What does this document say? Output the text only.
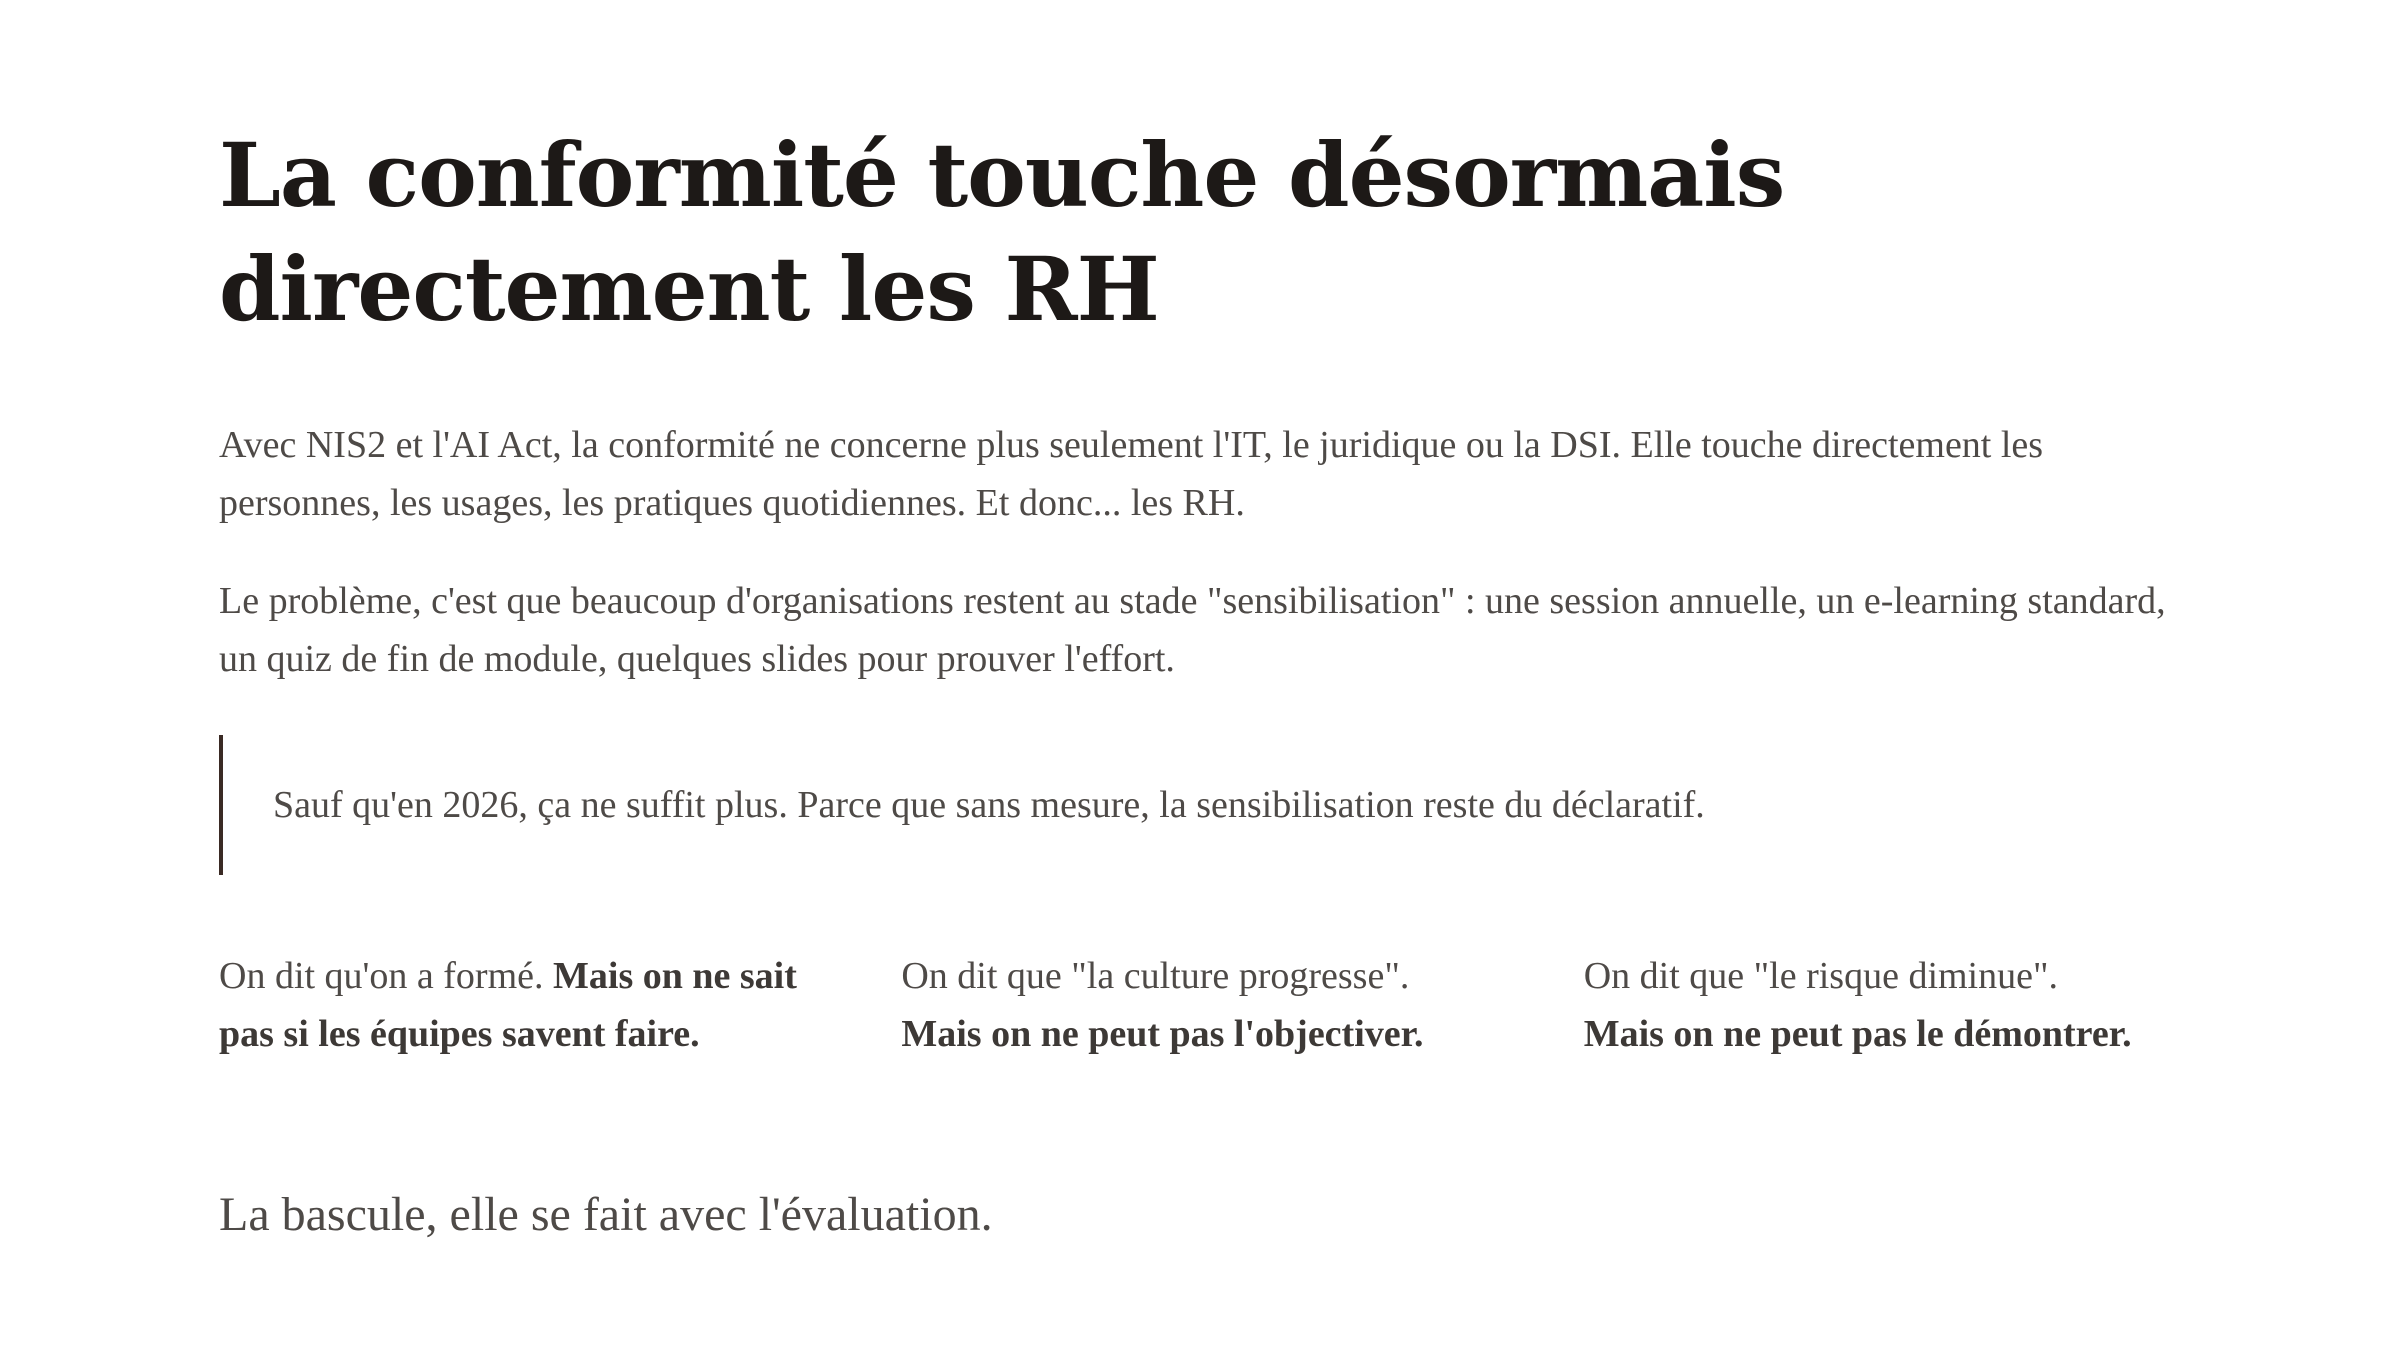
La conformité touche désormais
directement les RH

Avec NIS2 et l'AI Act, la conformité ne concerne plus seulement l'IT, le juridique ou la DSI. Elle touche directement les personnes, les usages, les pratiques quotidiennes. Et donc... les RH.

Le problème, c'est que beaucoup d'organisations restent au stade "sensibilisation" : une session annuelle, un e-learning standard, un quiz de fin de module, quelques slides pour prouver l'effort.

Sauf qu'en 2026, ça ne suffit plus. Parce que sans mesure, la sensibilisation reste du déclaratif.
On dit qu'on a formé. Mais on ne sait pas si les équipes savent faire.
On dit que "la culture progresse".
Mais on ne peut pas l'objectiver.
On dit que "le risque diminue".
Mais on ne peut pas le démontrer.

La bascule, elle se fait avec l'évaluation.
